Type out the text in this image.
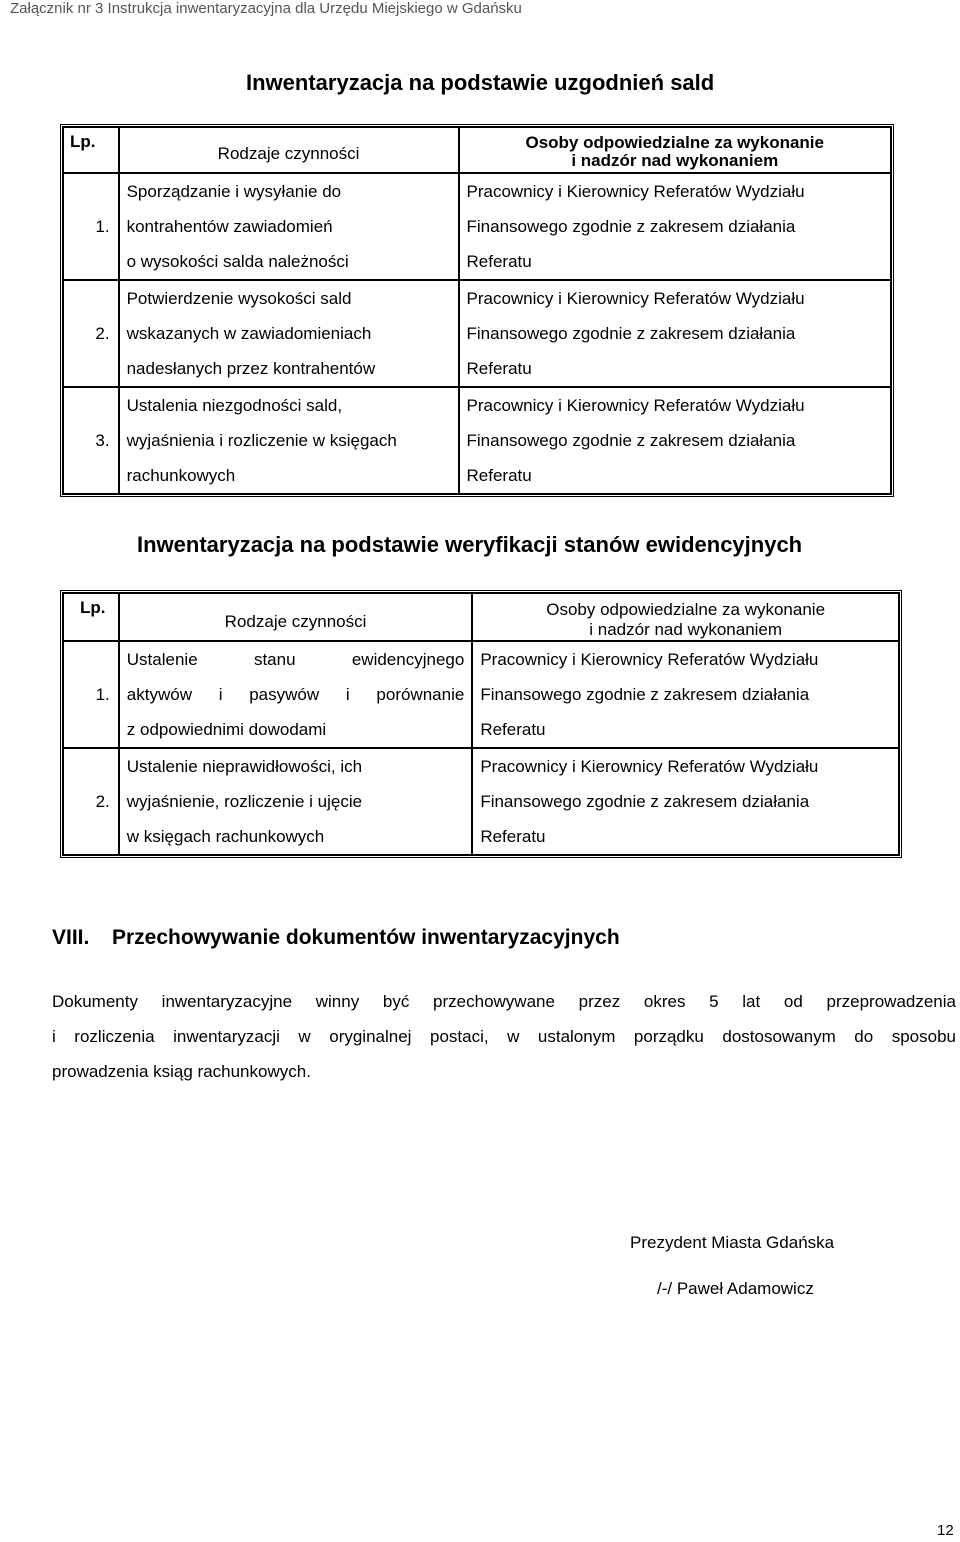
Załącznik nr 3 Instrukcja inwentaryzacyjna dla Urzędu Miejskiego w Gdańsku
Inwentaryzacja na podstawie uzgodnień sald
Lp.	Rodzaje czynności	Osoby odpowiedzialne za wykonanie
i nadzór nad wykonaniem

1.	Sporządzanie i wysyłanie do
kontrahentów zawiadomień
o wysokości salda należności	Pracownicy i Kierownicy Referatów Wydziału
Finansowego zgodnie z zakresem działania
Referatu

2.	Potwierdzenie wysokości sald
wskazanych w zawiadomieniach
nadesłanych przez kontrahentów	Pracownicy i Kierownicy Referatów Wydziału
Finansowego zgodnie z zakresem działania
Referatu

3.	Ustalenia niezgodności sald,
wyjaśnienia i rozliczenie w księgach
rachunkowych	Pracownicy i Kierownicy Referatów Wydziału
Finansowego zgodnie z zakresem działania
Referatu
Inwentaryzacja na podstawie weryfikacji stanów ewidencyjnych
Lp.	Rodzaje czynności	Osoby odpowiedzialne za wykonanie
i nadzór nad wykonaniem

1.	Ustalenie stanu ewidencyjnego
aktywów i pasywów i porównanie
z odpowiednimi dowodami	Pracownicy i Kierownicy Referatów Wydziału
Finansowego zgodnie z zakresem działania
Referatu

2.	Ustalenie nieprawidłowości, ich
wyjaśnienie, rozliczenie i ujęcie
w księgach rachunkowych	Pracownicy i Kierownicy Referatów Wydziału
Finansowego zgodnie z zakresem działania
Referatu
VIII. Przechowywanie dokumentów inwentaryzacyjnych
Dokumenty inwentaryzacyjne winny być przechowywane przez okres 5 lat od przeprowadzenia
i rozliczenia inwentaryzacji w oryginalnej postaci, w ustalonym porządku dostosowanym do sposobu
prowadzenia ksiąg rachunkowych.
Prezydent Miasta Gdańska
/-/ Paweł Adamowicz
12
